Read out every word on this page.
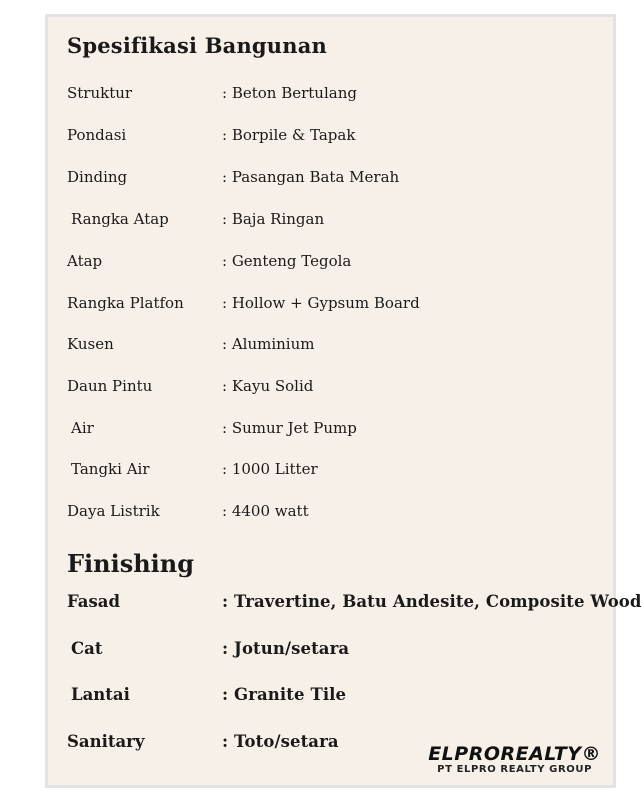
Spesifikasi Bangunan
Struktur	: Beton Bertulang
Pondasi	: Borpile & Tapak
Dinding	: Pasangan Bata Merah
Rangka Atap	: Baja Ringan
Atap	: Genteng Tegola
Rangka Platfon	: Hollow + Gypsum Board
Kusen	: Aluminium
Daun Pintu	: Kayu Solid
Air	: Sumur Jet Pump
Tangki Air	: 1000 Litter
Daya Listrik	: 4400 watt
Finishing
Fasad	: Travertine, Batu Andesite, Composite Wood
Cat	: Jotun/setara
Lantai	: Granite Tile
Sanitary	: Toto/setara
ELPROREALTY®
PT ELPRO REALTY GROUP
